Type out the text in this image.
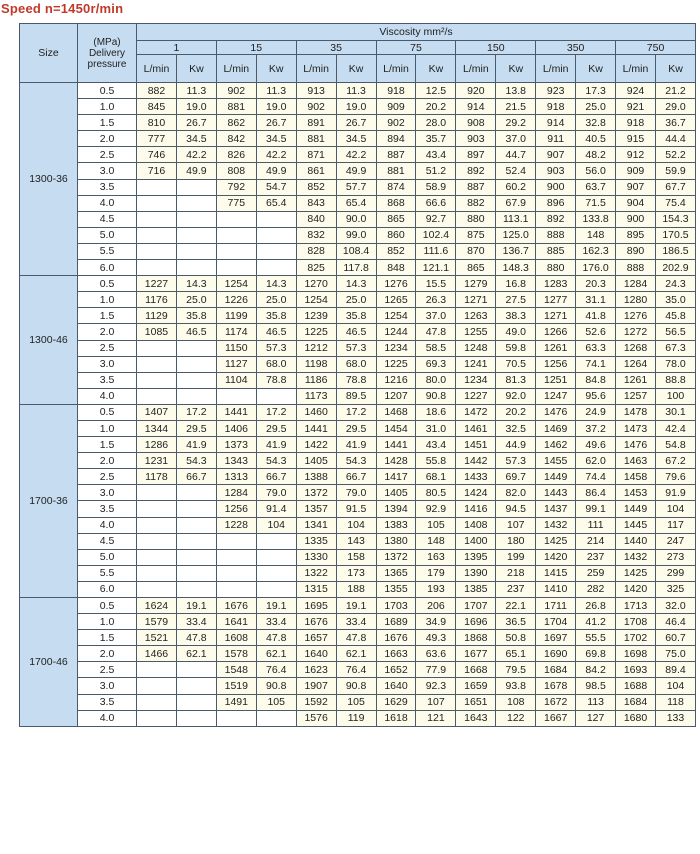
Speed n=1450r/min
Size	(MPa)
Delivery
pressure	Viscosity mm²/s													
		1		15		35		75		150		350		750	
		L/min	Kw	L/min	Kw	L/min	Kw	L/min	Kw	L/min	Kw	L/min	Kw	L/min	Kw
1300-36	0.5	882	11.3	902	11.3	913	11.3	918	12.5	920	13.8	923	17.3	924	21.2
	1.0	845	19.0	881	19.0	902	19.0	909	20.2	914	21.5	918	25.0	921	29.0
	1.5	810	26.7	862	26.7	891	26.7	902	28.0	908	29.2	914	32.8	918	36.7
	2.0	777	34.5	842	34.5	881	34.5	894	35.7	903	37.0	911	40.5	915	44.4
	2.5	746	42.2	826	42.2	871	42.2	887	43.4	897	44.7	907	48.2	912	52.2
	3.0	716	49.9	808	49.9	861	49.9	881	51.2	892	52.4	903	56.0	909	59.9
	3.5			792	54.7	852	57.7	874	58.9	887	60.2	900	63.7	907	67.7
	4.0			775	65.4	843	65.4	868	66.6	882	67.9	896	71.5	904	75.4
	4.5					840	90.0	865	92.7	880	113.1	892	133.8	900	154.3
	5.0					832	99.0	860	102.4	875	125.0	888	148	895	170.5
	5.5					828	108.4	852	111.6	870	136.7	885	162.3	890	186.5
	6.0					825	117.8	848	121.1	865	148.3	880	176.0	888	202.9
1300-46	0.5	1227	14.3	1254	14.3	1270	14.3	1276	15.5	1279	16.8	1283	20.3	1284	24.3
	1.0	1176	25.0	1226	25.0	1254	25.0	1265	26.3	1271	27.5	1277	31.1	1280	35.0
	1.5	1129	35.8	1199	35.8	1239	35.8	1254	37.0	1263	38.3	1271	41.8	1276	45.8
	2.0	1085	46.5	1174	46.5	1225	46.5	1244	47.8	1255	49.0	1266	52.6	1272	56.5
	2.5			1150	57.3	1212	57.3	1234	58.5	1248	59.8	1261	63.3	1268	67.3
	3.0			1127	68.0	1198	68.0	1225	69.3	1241	70.5	1256	74.1	1264	78.0
	3.5			1104	78.8	1186	78.8	1216	80.0	1234	81.3	1251	84.8	1261	88.8
	4.0					1173	89.5	1207	90.8	1227	92.0	1247	95.6	1257	100
1700-36	0.5	1407	17.2	1441	17.2	1460	17.2	1468	18.6	1472	20.2	1476	24.9	1478	30.1
	1.0	1344	29.5	1406	29.5	1441	29.5	1454	31.0	1461	32.5	1469	37.2	1473	42.4
	1.5	1286	41.9	1373	41.9	1422	41.9	1441	43.4	1451	44.9	1462	49.6	1476	54.8
	2.0	1231	54.3	1343	54.3	1405	54.3	1428	55.8	1442	57.3	1455	62.0	1463	67.2
	2.5	1178	66.7	1313	66.7	1388	66.7	1417	68.1	1433	69.7	1449	74.4	1458	79.6
	3.0			1284	79.0	1372	79.0	1405	80.5	1424	82.0	1443	86.4	1453	91.9
	3.5			1256	91.4	1357	91.5	1394	92.9	1416	94.5	1437	99.1	1449	104
	4.0			1228	104	1341	104	1383	105	1408	107	1432	111	1445	117
	4.5					1335	143	1380	148	1400	180	1425	214	1440	247
	5.0					1330	158	1372	163	1395	199	1420	237	1432	273
	5.5					1322	173	1365	179	1390	218	1415	259	1425	299
	6.0					1315	188	1355	193	1385	237	1410	282	1420	325
1700-46	0.5	1624	19.1	1676	19.1	1695	19.1	1703	206	1707	22.1	1711	26.8	1713	32.0
	1.0	1579	33.4	1641	33.4	1676	33.4	1689	34.9	1696	36.5	1704	41.2	1708	46.4
	1.5	1521	47.8	1608	47.8	1657	47.8	1676	49.3	1868	50.8	1697	55.5	1702	60.7
	2.0	1466	62.1	1578	62.1	1640	62.1	1663	63.6	1677	65.1	1690	69.8	1698	75.0
	2.5			1548	76.4	1623	76.4	1652	77.9	1668	79.5	1684	84.2	1693	89.4
	3.0			1519	90.8	1907	90.8	1640	92.3	1659	93.8	1678	98.5	1688	104
	3.5			1491	105	1592	105	1629	107	1651	108	1672	113	1684	118
	4.0					1576	119	1618	121	1643	122	1667	127	1680	133
